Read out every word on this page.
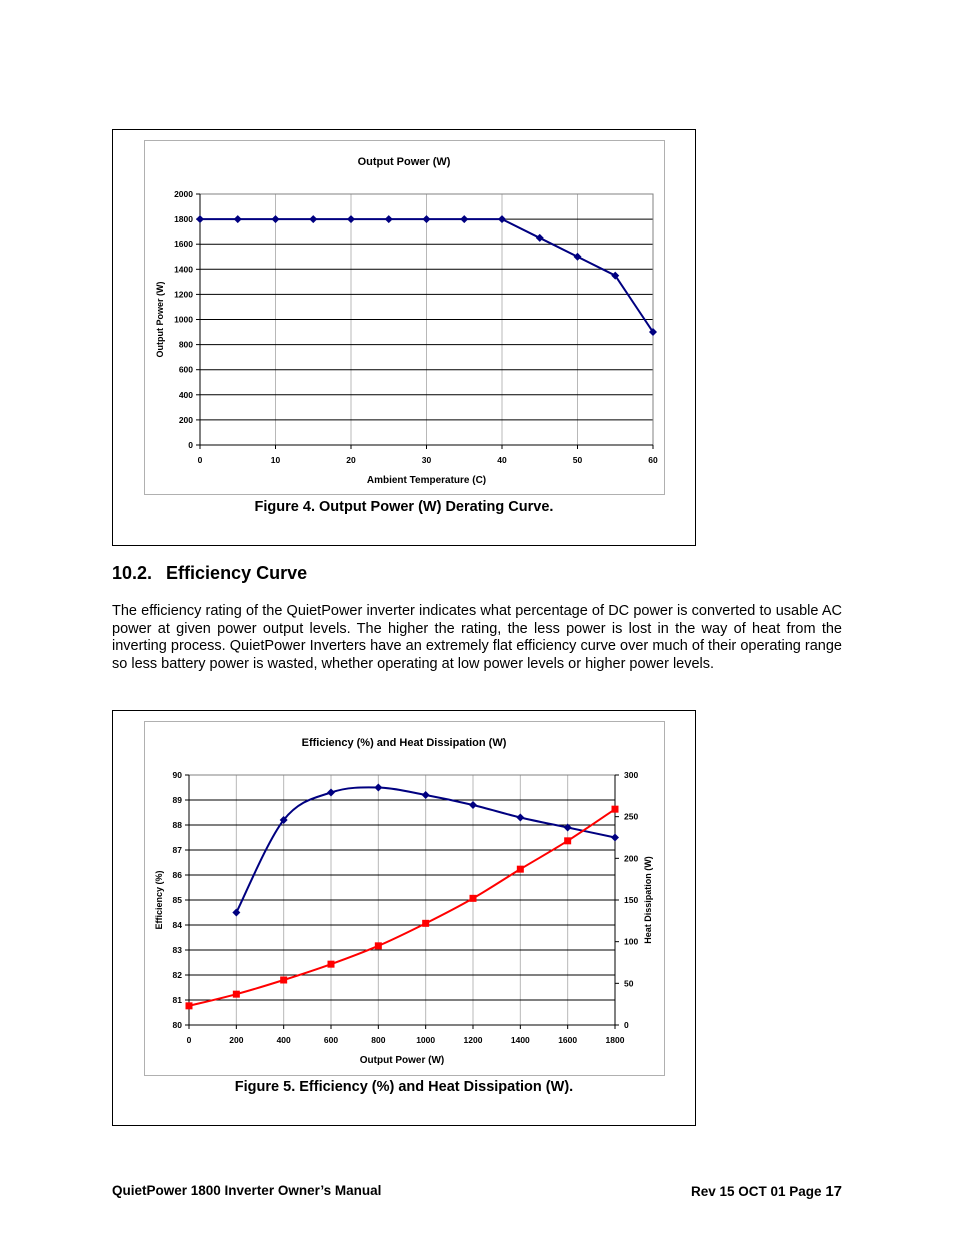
0	10	20	30	40	50	60
0
200
400
600
800
1000
1200
1400
1600
1800
2000
Output Power (W)
Ambient Temperature (C)
Output Power (W)
Figure 4. Output Power (W) Derating Curve.
10.2. Efficiency Curve

The efficiency rating of the QuietPower inverter indicates what percentage of DC power is converted to usable AC power at given power output levels. The higher the rating, the less power is lost in the way of heat from the inverting process. QuietPower Inverters have an extremely flat efficiency curve over much of their operating range so less battery power is wasted, whether operating at low power levels or higher power levels.

0	200	400	600	800	1000	1200	1400	1600	1800
80
81
82
83
84
85
86
87
88
89
90
0
50
100
150
200
250
300
Efficiency (%) and Heat Dissipation (W)
Output Power (W)
Efficiency (%)	Heat Dissipation (W)
Figure 5. Efficiency (%) and Heat Dissipation (W).
QuietPower 1800 Inverter Owner’s Manual	Rev 15 OCT 01 Page 17
